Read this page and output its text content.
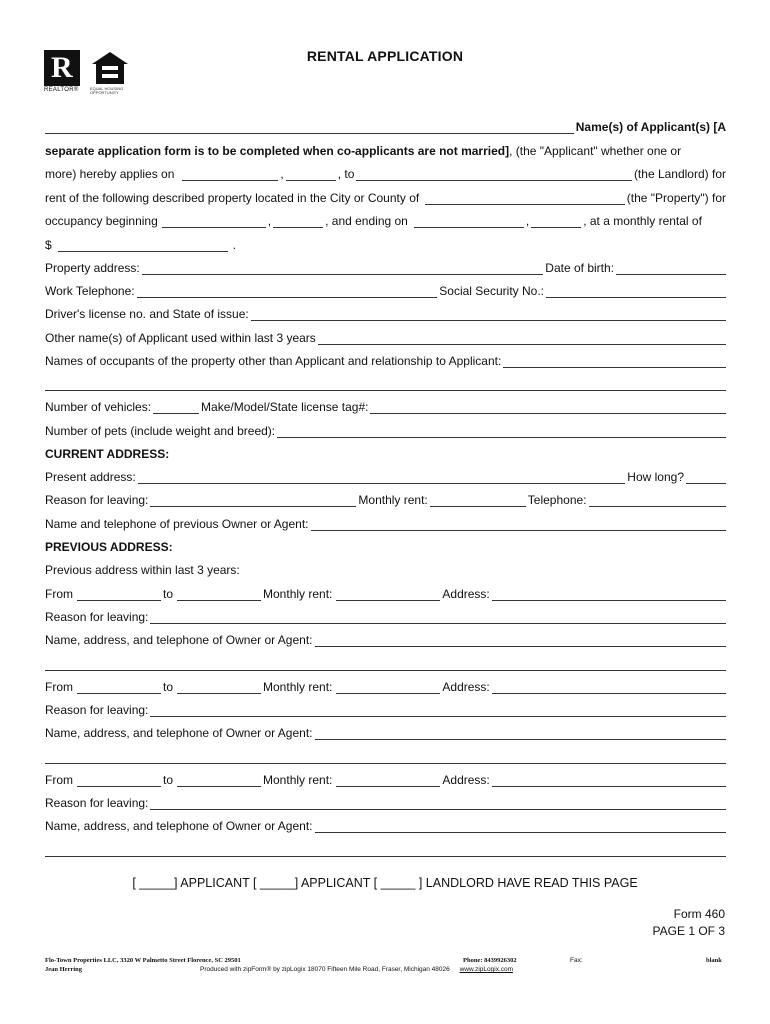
R
REALTOR®	EQUAL HOUSING OPPORTUNITY
RENTAL APPLICATION
Name(s) of Applicant(s) [A
separate application form is to be completed when co-applicants are not married] , (the "Applicant" whether one or
more) hereby applies on	,	, to	(the Landlord) for
rent of the following described property located in the City or County of	(the "Property") for
occupancy beginning	,	, and ending on	,	, at a monthly rental of
$	.
Property address:	Date of birth:
Work Telephone:	Social Security No.:
Driver's license no. and State of issue:
Other name(s) of Applicant used within last 3 years
Names of occupants of the property other than Applicant and relationship to Applicant:
Number of vehicles:	Make/Model/State license tag#:
Number of pets (include weight and breed):
CURRENT ADDRESS:
Present address:	How long?
Reason for leaving:	Monthly rent:	Telephone:
Name and telephone of previous Owner or Agent:
PREVIOUS ADDRESS:
Previous address within last 3 years:
From	to	Monthly rent:	Address:
Reason for leaving:
Name, address, and telephone of Owner or Agent:
From	to	Monthly rent:	Address:
Reason for leaving:
Name, address, and telephone of Owner or Agent:
From	to	Monthly rent:	Address:
Reason for leaving:
Name, address, and telephone of Owner or Agent:
[ _____] APPLICANT [ _____] APPLICANT [ _____ ] LANDLORD HAVE READ THIS PAGE
Form 460
PAGE 1 OF 3
Flo-Town Properties LLC, 3320 W Palmetto Street Florence, SC 29501
Jean Herring	Produced with zipForm® by zipLogix 18070 Fifteen Mile Road, Fraser, Michigan 48026 www.zipLogix.com
Phone: 8439926302	Fax:	blank
